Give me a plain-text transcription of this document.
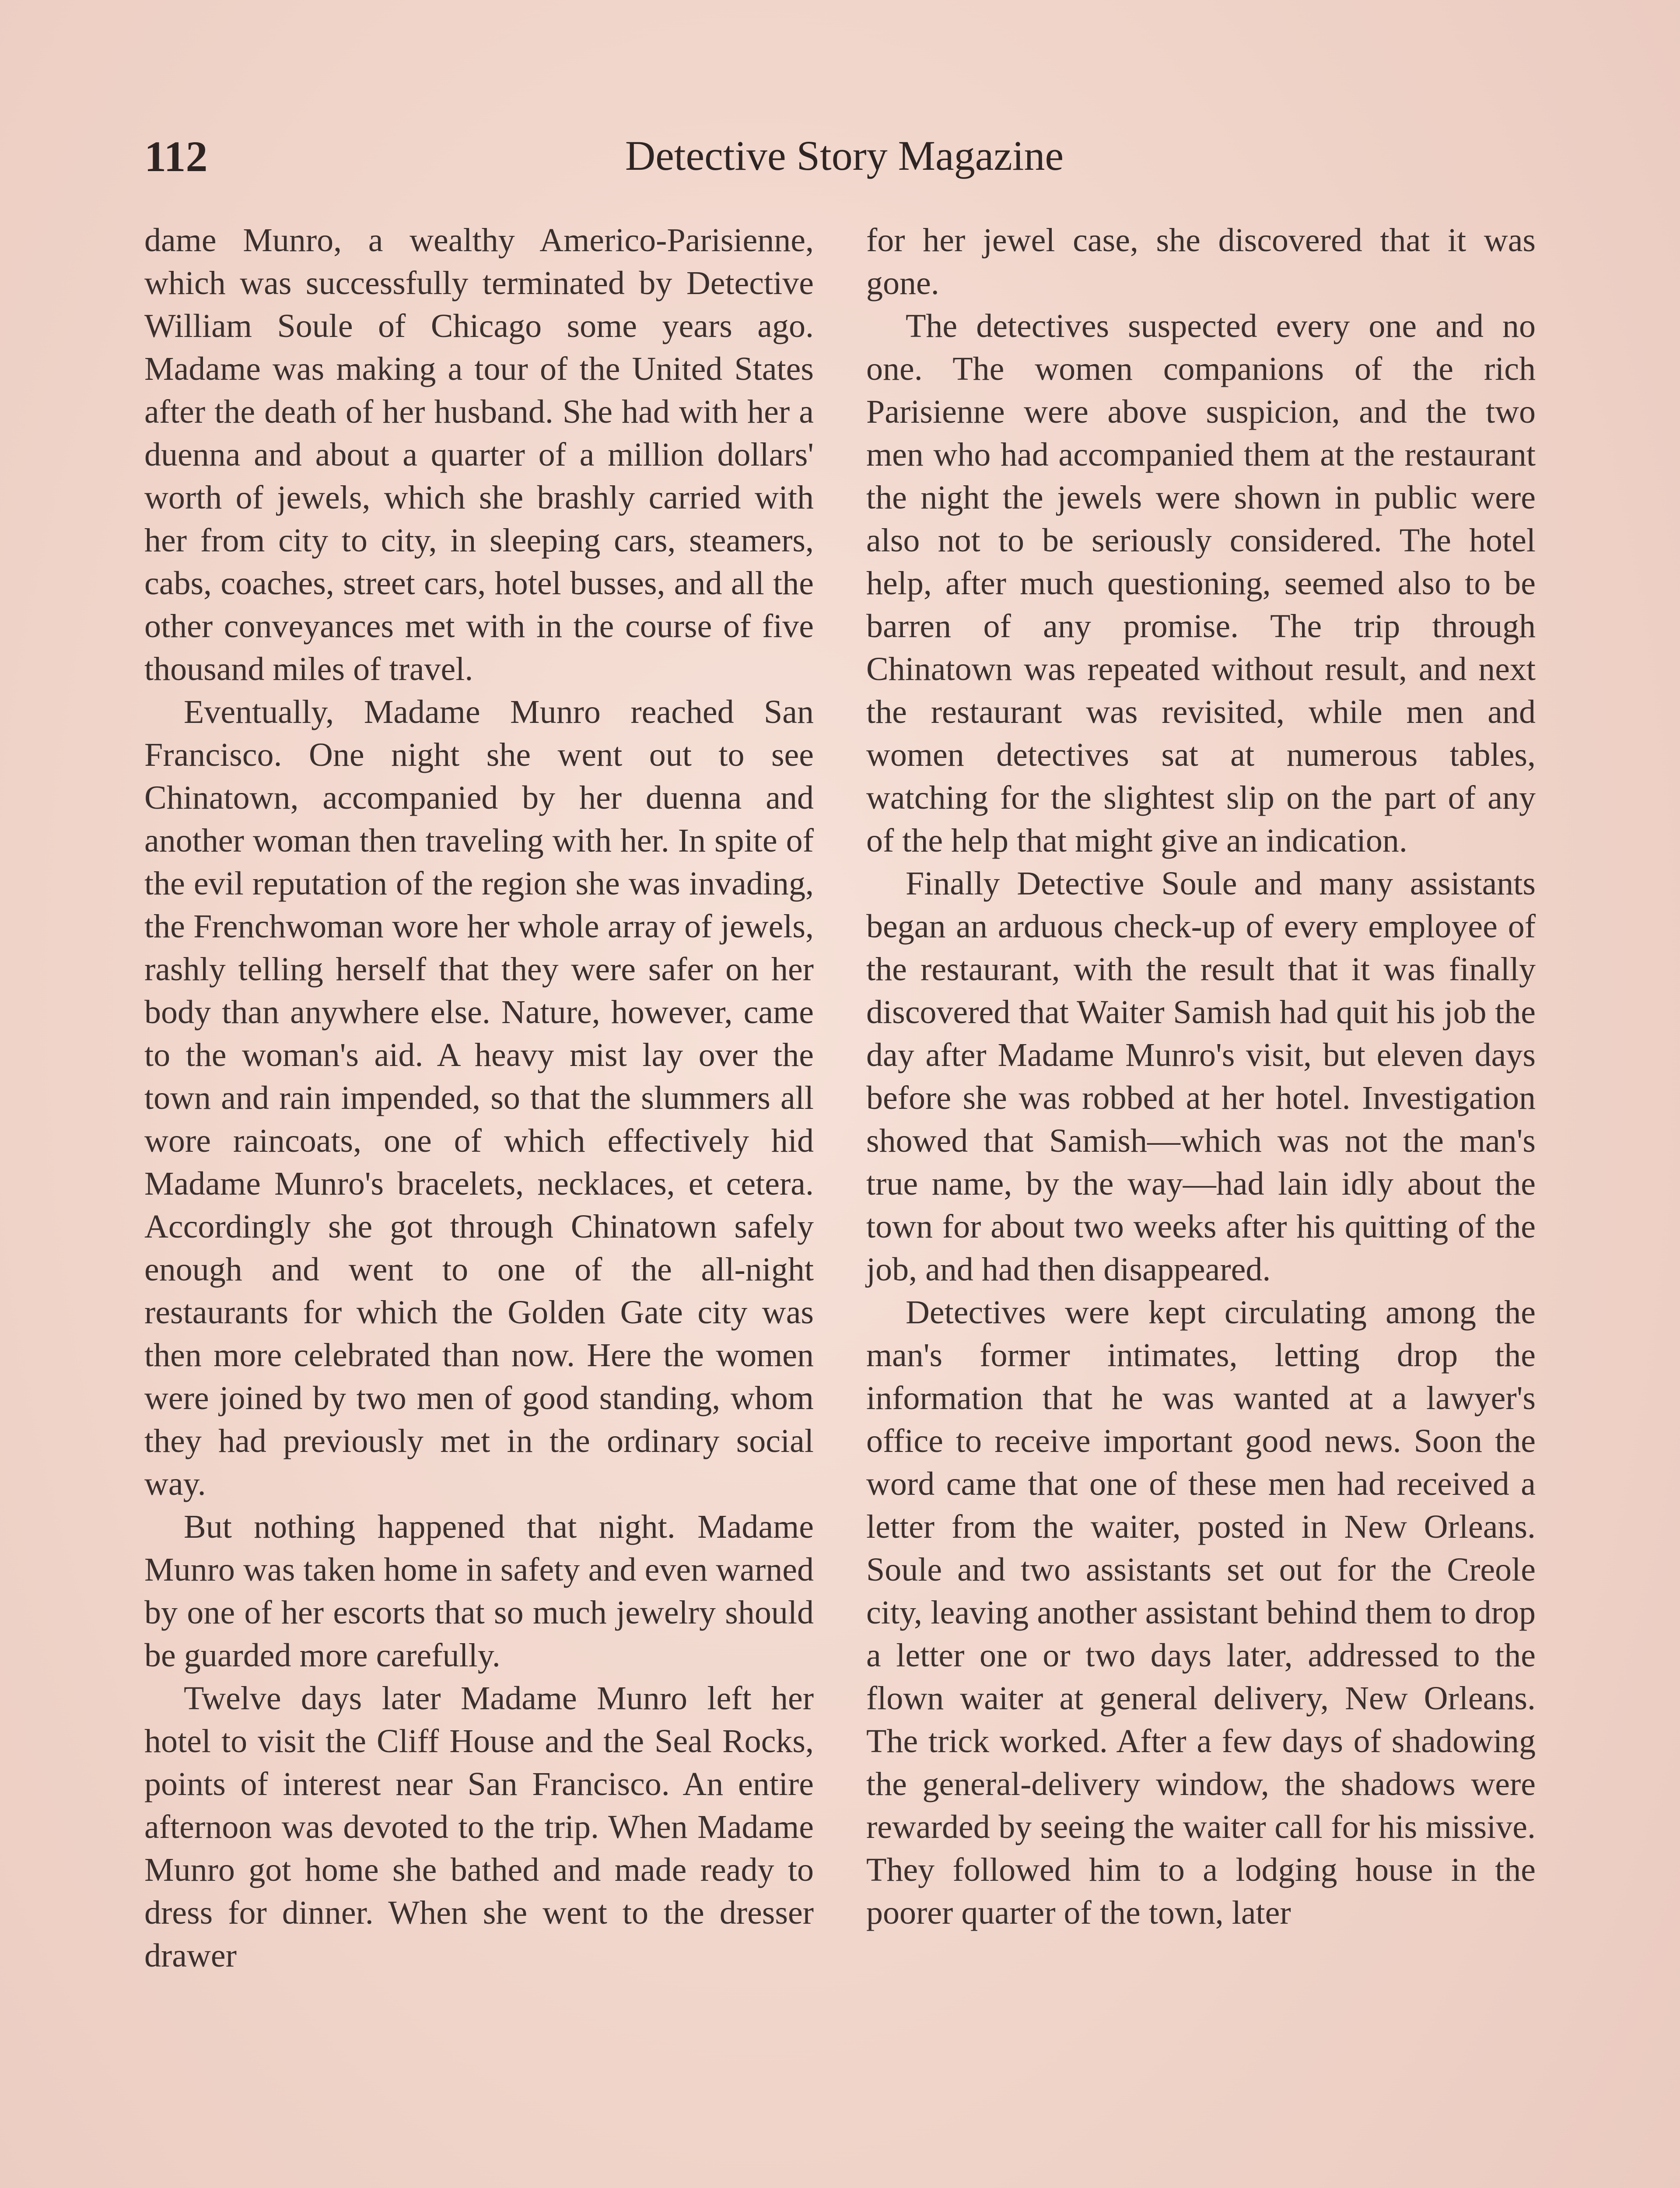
112	Detective Story Magazine

dame Munro, a wealthy Americo-Parisienne, which was successfully terminated by Detective William Soule of Chicago some years ago. Madame was making a tour of the United States after the death of her husband. She had with her a duenna and about a quarter of a million dollars' worth of jewels, which she brashly carried with her from city to city, in sleeping cars, steamers, cabs, coaches, street cars, hotel busses, and all the other conveyances met with in the course of five thousand miles of travel.

Eventually, Madame Munro reached San Francisco. One night she went out to see Chinatown, accompanied by her duenna and another woman then traveling with her. In spite of the evil reputation of the region she was invading, the Frenchwoman wore her whole array of jewels, rashly telling herself that they were safer on her body than anywhere else. Nature, however, came to the woman's aid. A heavy mist lay over the town and rain impended, so that the slummers all wore raincoats, one of which effectively hid Madame Munro's bracelets, necklaces, et cetera. Accordingly she got through Chinatown safely enough and went to one of the all-night restaurants for which the Golden Gate city was then more celebrated than now. Here the women were joined by two men of good standing, whom they had previously met in the ordinary social way.

But nothing happened that night. Madame Munro was taken home in safety and even warned by one of her escorts that so much jewelry should be guarded more carefully.

Twelve days later Madame Munro left her hotel to visit the Cliff House and the Seal Rocks, points of interest near San Francisco. An entire afternoon was devoted to the trip. When Madame Munro got home she bathed and made ready to dress for dinner. When she went to the dresser drawer

for her jewel case, she discovered that it was gone.

The detectives suspected every one and no one. The women companions of the rich Parisienne were above suspicion, and the two men who had accompanied them at the restaurant the night the jewels were shown in public were also not to be seriously considered. The hotel help, after much questioning, seemed also to be barren of any promise. The trip through Chinatown was repeated without result, and next the restaurant was revisited, while men and women detectives sat at numerous tables, watching for the slightest slip on the part of any of the help that might give an indication.

Finally Detective Soule and many assistants began an arduous check-up of every employee of the restaurant, with the result that it was finally discovered that Waiter Samish had quit his job the day after Madame Munro's visit, but eleven days before she was robbed at her hotel. Investigation showed that Samish—which was not the man's true name, by the way—had lain idly about the town for about two weeks after his quitting of the job, and had then disappeared.

Detectives were kept circulating among the man's former intimates, letting drop the information that he was wanted at a lawyer's office to receive important good news. Soon the word came that one of these men had received a letter from the waiter, posted in New Orleans. Soule and two assistants set out for the Creole city, leaving another assistant behind them to drop a letter one or two days later, addressed to the flown waiter at general delivery, New Orleans. The trick worked. After a few days of shadowing the general-delivery window, the shadows were rewarded by seeing the waiter call for his missive. They followed him to a lodging house in the poorer quarter of the town, later
